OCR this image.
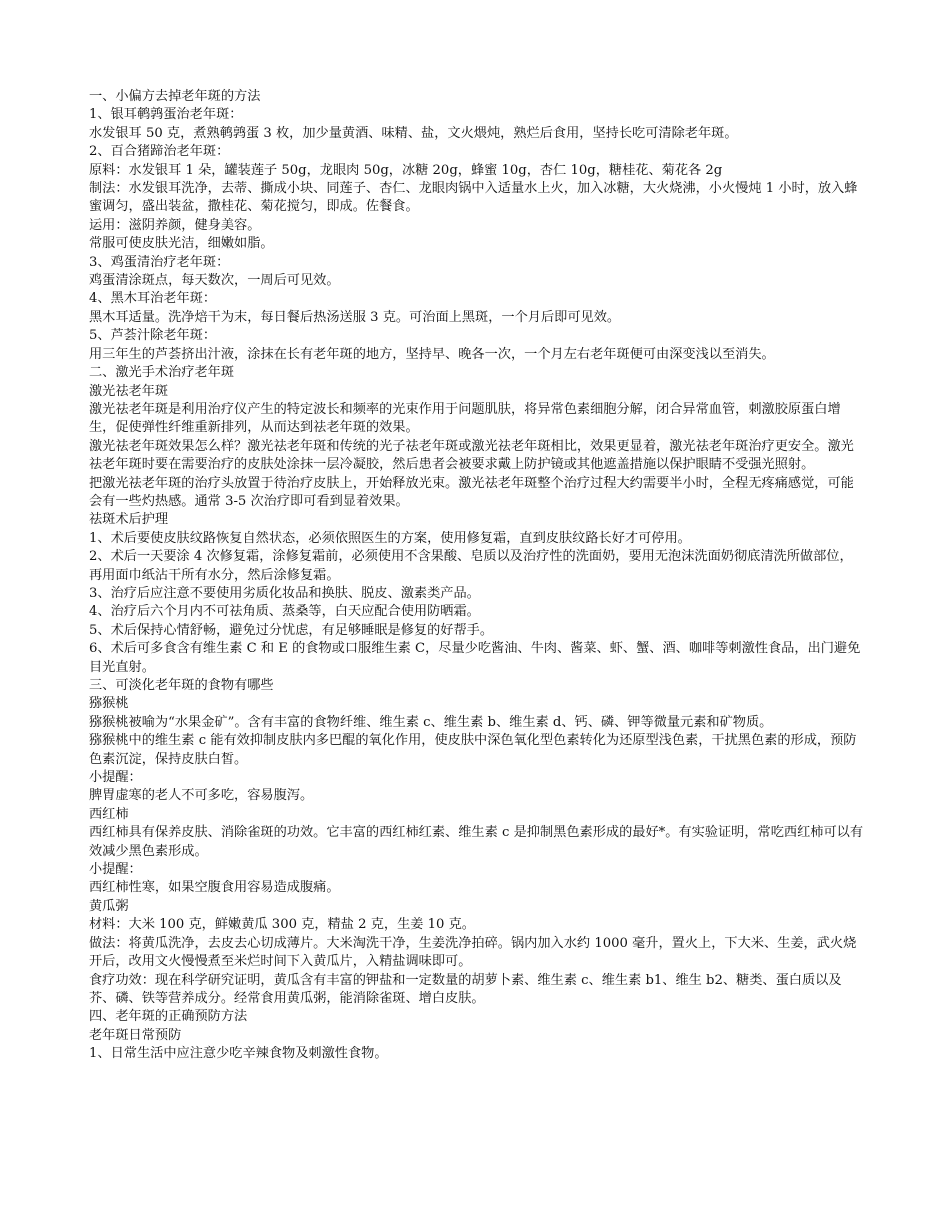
一、小偏方去掉老年斑的方法

1、银耳鹌鹑蛋治老年斑：

水发银耳 50 克，煮熟鹌鹑蛋 3 枚，加少量黄酒、味精、盐，文火煨炖，熟烂后食用，坚持长吃可清除老年斑。

2、百合猪蹄治老年斑：

原料：水发银耳 1 朵，罐装莲子 50g，龙眼肉 50g，冰糖 20g，蜂蜜 10g，杏仁 10g，糖桂花、菊花各 2g

制法：水发银耳洗净，去蒂、撕成小块、同莲子、杏仁、龙眼肉锅中入适量水上火，加入冰糖，大火烧沸，小火慢炖 1 小时，放入蜂蜜调匀，盛出装盆，撒桂花、菊花搅匀，即成。佐餐食。

运用：滋阴养颜，健身美容。

常服可使皮肤光洁，细嫩如脂。

3、鸡蛋清治疗老年斑：

鸡蛋清涂斑点，每天数次，一周后可见效。

4、黑木耳治老年斑：

黑木耳适量。洗净焙干为末，每日餐后热汤送服 3 克。可治面上黑斑，一个月后即可见效。

5、芦荟汁除老年斑：

用三年生的芦荟挤出汁液，涂抹在长有老年斑的地方，坚持早、晚各一次，一个月左右老年斑便可由深变浅以至消失。

二、激光手术治疗老年斑

激光祛老年斑

激光祛老年斑是利用治疗仪产生的特定波长和频率的光束作用于问题肌肤，将异常色素细胞分解，闭合异常血管，刺激胶原蛋白增生，促使弹性纤维重新排列，从而达到祛老年斑的效果。

激光祛老年斑效果怎么样？激光祛老年斑和传统的光子祛老年斑或激光祛老年斑相比，效果更显着，激光祛老年斑治疗更安全。激光祛老年斑时要在需要治疗的皮肤处涂抹一层冷凝胶，然后患者会被要求戴上防护镜或其他遮盖措施以保护眼睛不受强光照射。

把激光祛老年斑的治疗头放置于待治疗皮肤上，开始释放光束。激光祛老年斑整个治疗过程大约需要半小时，全程无疼痛感觉，可能会有一些灼热感。通常 3-5 次治疗即可看到显着效果。

祛斑术后护理

1、术后要使皮肤纹路恢复自然状态，必须依照医生的方案，使用修复霜，直到皮肤纹路长好才可停用。

2、术后一天要涂 4 次修复霜，涂修复霜前，必须使用不含果酸、皂质以及治疗性的洗面奶，要用无泡沫洗面奶彻底清洗所做部位，再用面巾纸沾干所有水分，然后涂修复霜。

3、治疗后应注意不要使用劣质化妆品和换肤、脱皮、激素类产品。

4、治疗后六个月内不可祛角质、蒸桑等，白天应配合使用防晒霜。

5、术后保持心情舒畅，避免过分忧虑，有足够睡眠是修复的好帮手。

6、术后可多食含有维生素 C 和 E 的食物或口服维生素 C，尽量少吃酱油、牛肉、酱菜、虾、蟹、酒、咖啡等刺激性食品，出门避免目光直射。

三、可淡化老年斑的食物有哪些

猕猴桃

猕猴桃被喻为“水果金矿”。含有丰富的食物纤维、维生素 c、维生素 b、维生素 d、钙、磷、钾等微量元素和矿物质。

猕猴桃中的维生素 c 能有效抑制皮肤内多巴醌的氧化作用，使皮肤中深色氧化型色素转化为还原型浅色素，干扰黑色素的形成，预防色素沉淀，保持皮肤白皙。

小提醒：

脾胃虚寒的老人不可多吃，容易腹泻。

西红柿

西红柿具有保养皮肤、消除雀斑的功效。它丰富的西红柿红素、维生素 c 是抑制黑色素形成的最好*。有实验证明，常吃西红柿可以有效减少黑色素形成。

小提醒：

西红柿性寒，如果空腹食用容易造成腹痛。

黄瓜粥

材料：大米 100 克，鲜嫩黄瓜 300 克，精盐 2 克，生姜 10 克。

做法：将黄瓜洗净，去皮去心切成薄片。大米淘洗干净，生姜洗净拍碎。锅内加入水约 1000 毫升，置火上，下大米、生姜，武火烧开后，改用文火慢慢煮至米烂时间下入黄瓜片，入精盐调味即可。

食疗功效：现在科学研究证明，黄瓜含有丰富的钾盐和一定数量的胡萝卜素、维生素 c、维生素 b1、维生 b2、糖类、蛋白质以及芥、磷、铁等营养成分。经常食用黄瓜粥，能消除雀斑、增白皮肤。

四、老年斑的正确预防方法

老年斑日常预防

1、日常生活中应注意少吃辛辣食物及刺激性食物。
